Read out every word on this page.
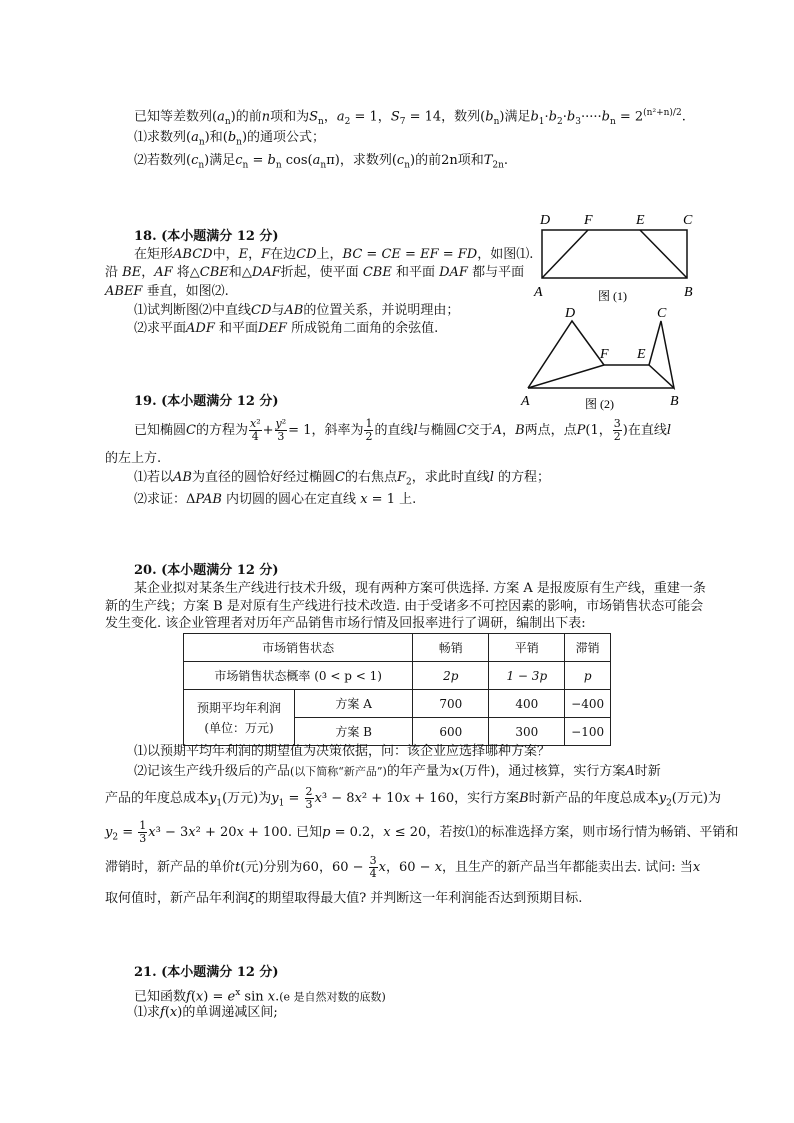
已知等差数列$(a_n)$的前n项和为$S_n$，$a_2 = 1$，$S_7 = 14$，数列$(b_n)$满足$b_1\cdot b_2\cdot b_3\cdot\cdot\cdot\cdot\cdot b_n = 2^{(n^2+n)/2}$.
⑴求数列$(a_n)$和$(b_n)$的通项公式；
⑵若数列$(c_n)$满足$c_n = b_n$ $\cos(a_n\pi)$，求数列$(c_n)$的前2n项和$T_{2n}$.
18. (本小题满分 12 分)
在矩形ABCD中，E，F在边CD上，BC = CE = EF = FD，如图⑴.
沿 BE，AF 将△CBE和△DAF折起，使平面 CBE 和平面 DAF 都与平面
ABEF 垂直，如图⑵.
⑴试判断图⑵中直线CD与AB的位置关系，并说明理由；
⑵求平面ADF 和平面DEF 所成锐角二面角的余弦值.
D F	E	C
A	B
图 (1)
D	C
F E
A	B
图 (2)
19. (本小题满分 12 分)
已知椭圆C的方程为 $\frac{\text{x²}}{4} + \frac{\text{y²}}{3} = 1$，斜率为 $\frac{1}{2}$ 的直线l与椭圆C交于A，B两点，点P(1， $\frac{3}{2}$ )在直线l
的左上方.
⑴若以AB为直径的圆恰好经过椭圆C的右焦点$F_2$，求此时直线l 的方程；
⑵求证：ΔPAB 内切圆的圆心在定直线 x = 1 上.
20. (本小题满分 12 分)
某企业拟对某条生产线进行技术升级，现有两种方案可供选择. 方案 A 是报废原有生产线，重建一条
新的生产线；方案 B 是对原有生产线进行技术改造. 由于受诸多不可控因素的影响，市场销售状态可能会
发生变化. 该企业管理者对历年产品销售市场行情及回报率进行了调研，编制出下表:
市场销售状态		畅销	平销	滞销
市场销售状态概率 (0 < p < 1)		2p	1 − 3p	p

预期平均年利润
(单位：万元)	方案 A	700	400	−400
	方案 B	600	300	−100
⑴以预期平均年利润的期望值为决策依据，问：该企业应选择哪种方案？
⑵记该生产线升级后的产品(以下简称“新产品”)的年产量为x(万件)，通过核算，实行方案A时新
产品的年度总成本$y_1$(万元)为$y_1 = \frac{2}{3} x^3 - 8x^2 + 10x + 160$，实行方案B时新产品的年度总成本$y_2$(万元)为
$y_2 = \frac{1}{3} x^3 - 3x^2 + 20x + 100$. 已知p = 0.2，x ≤ 20，若按⑴的标准选择方案，则市场行情为畅销、平销和
滞销时，新产品的单价t(元)分别为60，$60 - \frac{3}{4}$ x，60 − x，且生产的新产品当年都能卖出去. 试问: 当x
取何值时，新产品年利润ξ的期望取得最大值? 并判断这一年利润能否达到预期目标.
21. (本小题满分 12 分)
已知函数$f(x) = e^x$ sin x.(e 是自然对数的底数)
⑴求f(x)的单调递减区间;
